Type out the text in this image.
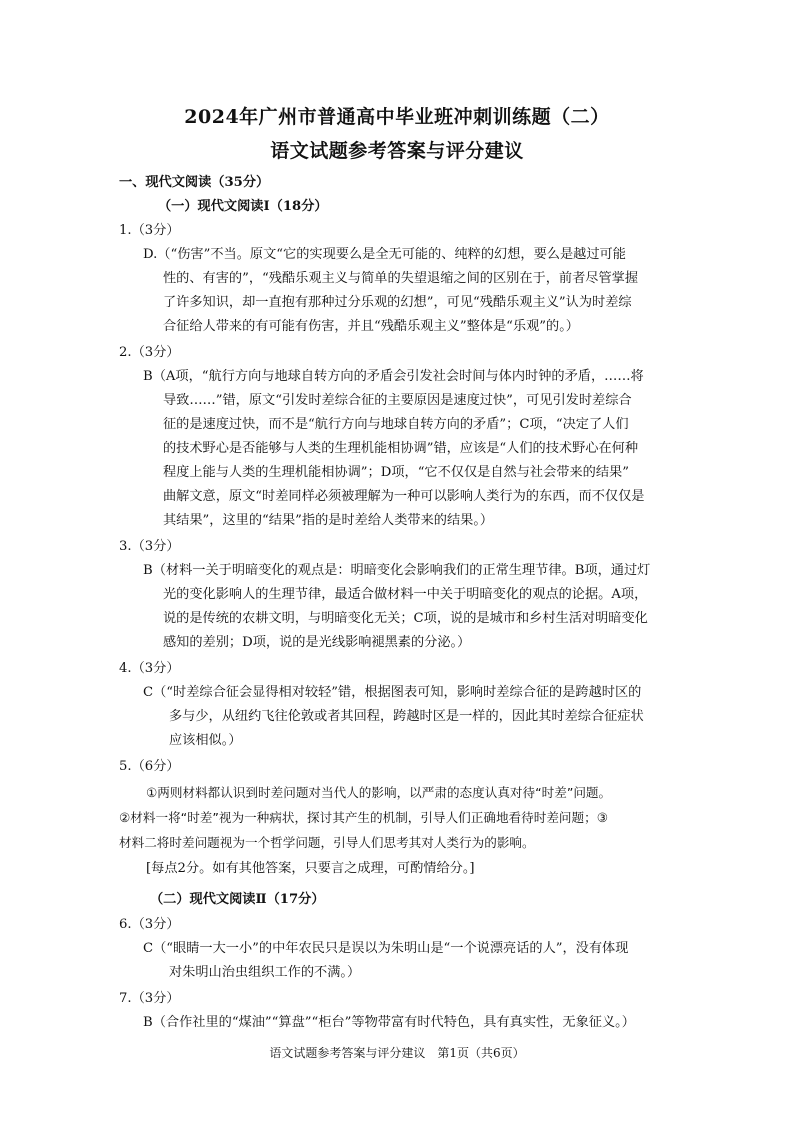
2024年广州市普通高中毕业班冲刺训练题（二）
语文试题参考答案与评分建议
一、现代文阅读（35分）
（一）现代文阅读Ⅰ（18分）
1.（3分）
D.（“伤害”不当。原文“它的实现要么是全无可能的、纯粹的幻想，要么是越过可能
性的、有害的”，“残酷乐观主义与简单的失望退缩之间的区别在于，前者尽管掌握
了许多知识，却一直抱有那种过分乐观的幻想”，可见“残酷乐观主义”认为时差综
合征给人带来的有可能有伤害，并且“残酷乐观主义”整体是“乐观”的。）
2.（3分）
B（A项，“航行方向与地球自转方向的矛盾会引发社会时间与体内时钟的矛盾，……将
导致……”错，原文“引发时差综合征的主要原因是速度过快”，可见引发时差综合
征的是速度过快，而不是“航行方向与地球自转方向的矛盾”；C项，“决定了人们
的技术野心是否能够与人类的生理机能相协调”错，应该是“人们的技术野心在何种
程度上能与人类的生理机能相协调”；D项，“它不仅仅是自然与社会带来的结果”
曲解文意，原文“时差同样必须被理解为一种可以影响人类行为的东西，而不仅仅是
其结果”，这里的“结果”指的是时差给人类带来的结果。）
3.（3分）
B（材料一关于明暗变化的观点是：明暗变化会影响我们的正常生理节律。B项，通过灯
光的变化影响人的生理节律，最适合做材料一中关于明暗变化的观点的论据。A项，
说的是传统的农耕文明，与明暗变化无关；C项，说的是城市和乡村生活对明暗变化
感知的差别；D项，说的是光线影响褪黑素的分泌。）
4.（3分）
C（“时差综合征会显得相对较轻”错，根据图表可知，影响时差综合征的是跨越时区的
多与少，从纽约飞往伦敦或者其回程，跨越时区是一样的，因此其时差综合征症状
应该相似。）
5.（6分）
①两则材料都认识到时差问题对当代人的影响，以严肃的态度认真对待“时差”问题。
②材料一将“时差”视为一种病状，探讨其产生的机制，引导人们正确地看待时差问题；③
材料二将时差问题视为一个哲学问题，引导人们思考其对人类行为的影响。
[每点2分。如有其他答案，只要言之成理，可酌情给分。]
（二）现代文阅读Ⅱ（17分）
6.（3分）
C（“眼睛一大一小”的中年农民只是误以为朱明山是“一个说漂亮话的人”，没有体现
对朱明山治虫组织工作的不满。）
7.（3分）
B（合作社里的“煤油”“算盘”“柜台”等物带富有时代特色，具有真实性，无象征义。）
语文试题参考答案与评分建议　第1页（共6页）
